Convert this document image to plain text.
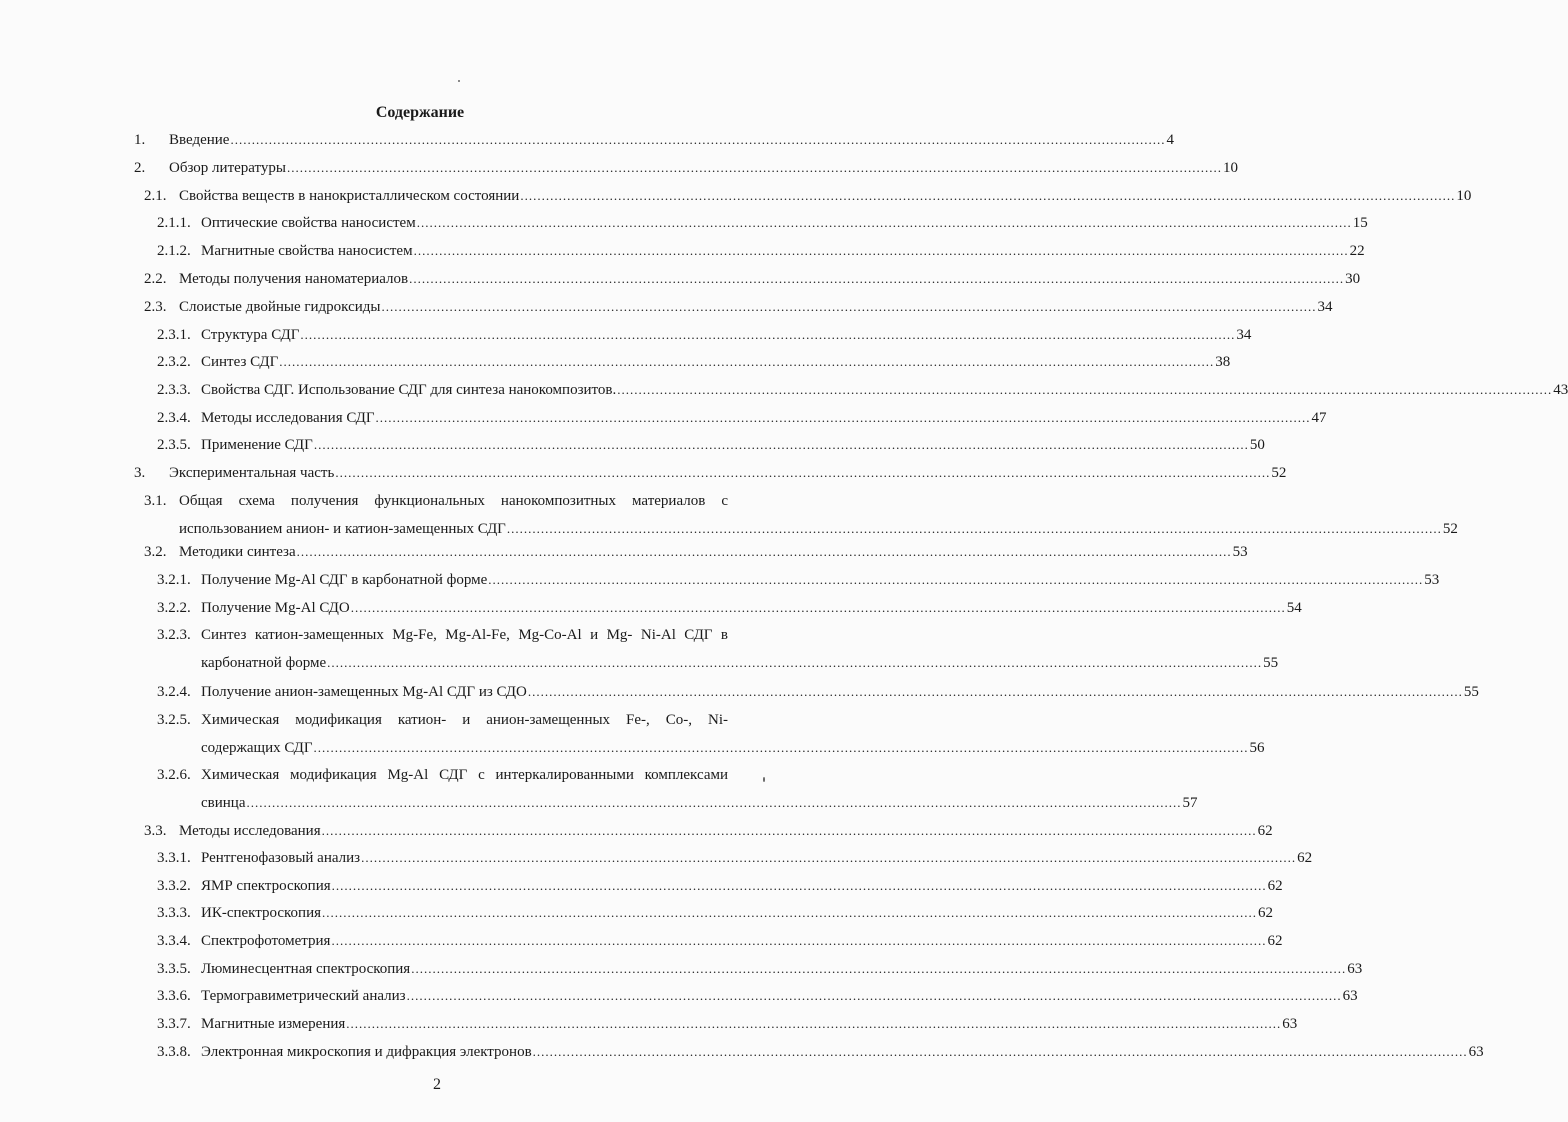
Содержание
1. Введение ............................................................................................................................................................................................................................ 4
2. Обзор литературы ............................................................................................................................................................................................................................ 10
2.1. Свойства веществ в нанокристаллическом состоянии ............................................................................................................................................................................................................................ 10
2.1.1. Оптические свойства наносистем ............................................................................................................................................................................................................................ 15
2.1.2. Магнитные свойства наносистем ............................................................................................................................................................................................................................ 22
2.2. Методы получения наноматериалов ............................................................................................................................................................................................................................ 30
2.3. Слоистые двойные гидроксиды ............................................................................................................................................................................................................................ 34
2.3.1. Структура СДГ ............................................................................................................................................................................................................................ 34
2.3.2. Синтез СДГ ............................................................................................................................................................................................................................ 38
2.3.3. Свойства СДГ. Использование СДГ для синтеза нанокомпозитов. ............................................................................................................................................................................................................................ 43
2.3.4. Методы исследования СДГ ............................................................................................................................................................................................................................ 47
2.3.5. Применение СДГ ............................................................................................................................................................................................................................ 50
3. Экспериментальная часть ............................................................................................................................................................................................................................ 52
3.1. Общая схема получения функциональных нанокомпозитных материалов с
использованием анион- и катион-замещенных СДГ ............................................................................................................................................................................................................................ 52
3.2. Методики синтеза ............................................................................................................................................................................................................................ 53
3.2.1. Получение Mg-Al СДГ в карбонатной форме ............................................................................................................................................................................................................................ 53
3.2.2. Получение Mg-Al СДО ............................................................................................................................................................................................................................ 54
3.2.3. Синтез катион-замещенных Mg-Fe, Mg-Al-Fe, Mg-Co-Al и Mg- Ni-Al СДГ в
карбонатной форме ............................................................................................................................................................................................................................ 55
3.2.4. Получение анион-замещенных Mg-Al СДГ из СДО ............................................................................................................................................................................................................................ 55
3.2.5. Химическая модификация катион- и анион-замещенных Fe-, Co-, Ni-
содержащих СДГ ............................................................................................................................................................................................................................ 56
3.2.6. Химическая модификация Mg-Al СДГ с интеркалированными комплексами
свинца ............................................................................................................................................................................................................................ 57
3.3. Методы исследования ............................................................................................................................................................................................................................ 62
3.3.1. Рентгенофазовый анализ ............................................................................................................................................................................................................................ 62
3.3.2. ЯМР спектроскопия ............................................................................................................................................................................................................................ 62
3.3.3. ИК-спектроскопия ............................................................................................................................................................................................................................ 62
3.3.4. Спектрофотометрия ............................................................................................................................................................................................................................ 62
3.3.5. Люминесцентная спектроскопия ............................................................................................................................................................................................................................ 63
3.3.6. Термогравиметрический анализ ............................................................................................................................................................................................................................ 63
3.3.7. Магнитные измерения ............................................................................................................................................................................................................................ 63
3.3.8. Электронная микроскопия и дифракция электронов ............................................................................................................................................................................................................................ 63
2
